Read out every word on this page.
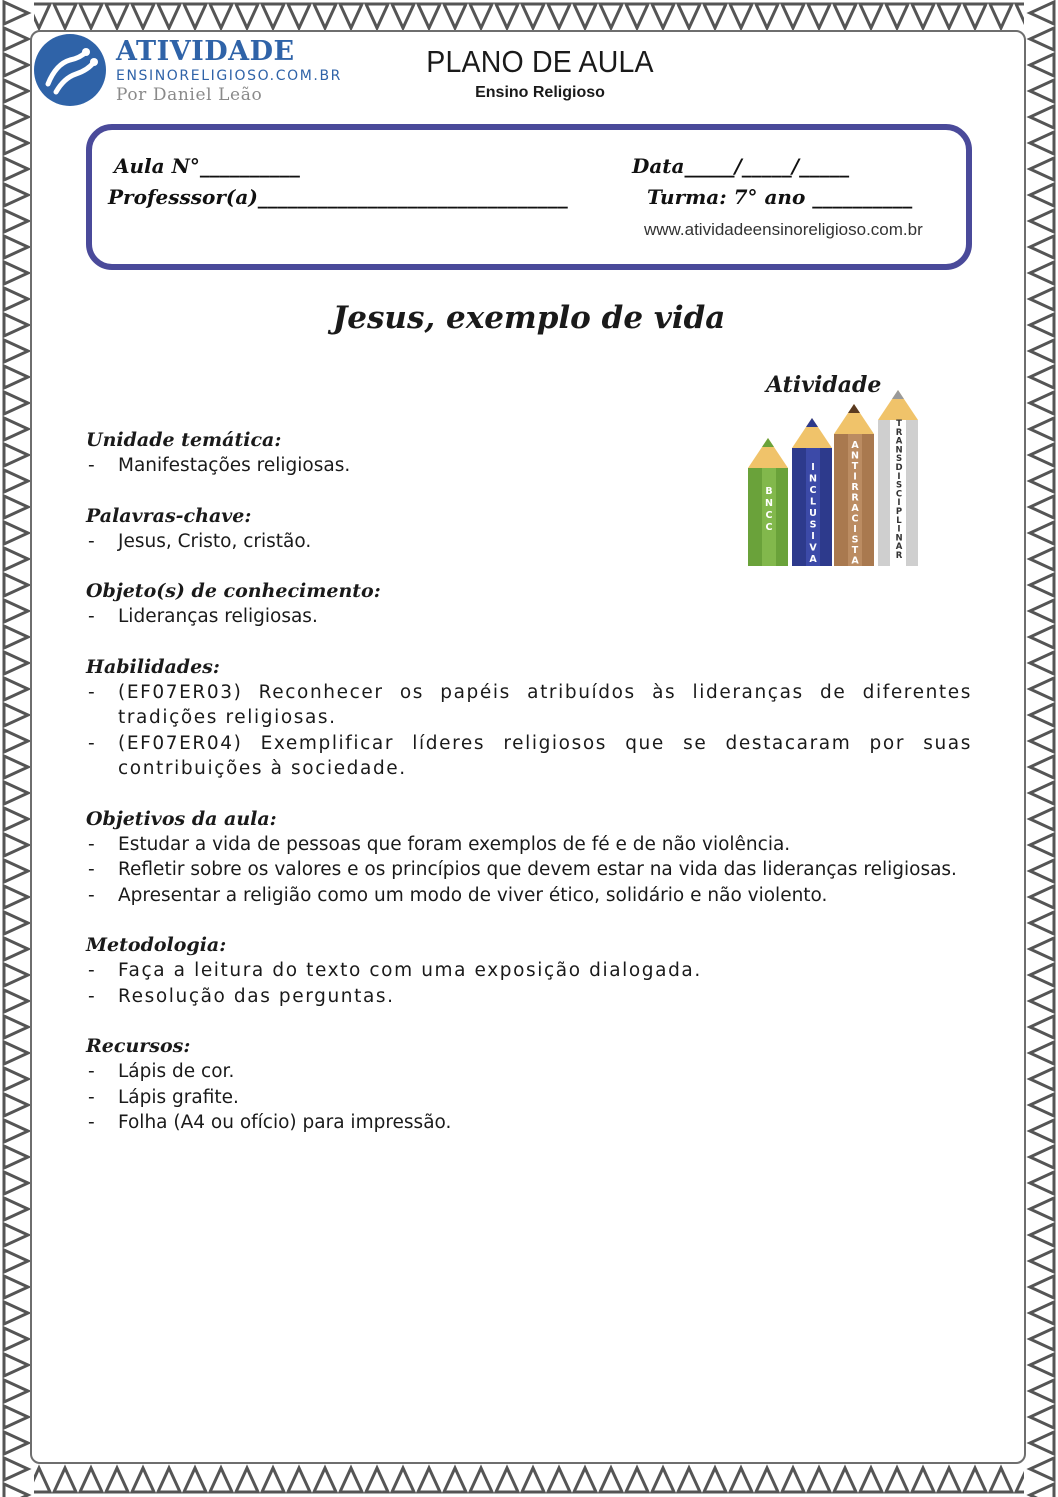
ATIVIDADE
ENSINORELIGIOSO.COM.BR
Por Daniel Leão
PLANO DE AULA
Ensino Religioso
Aula N°__________	Data_____/_____/_____
Professsor(a)_______________________________	Turma: 7° ano __________
www.atividadeensinoreligioso.com.br
Jesus, exemplo de vida
Atividade
B N C C
I N C L U S I V A
A N T I R R A C I S T A
T R A N S D I S C I P L I N A R

Unidade temática:

- Manifestações religiosas.

Palavras-chave:

- Jesus, Cristo, cristão.

Objeto(s) de conhecimento:

- Lideranças religiosas.

Habilidades:

- (EF07ER03) Reconhecer os papéis atribuídos às lideranças de diferentes tradições religiosas.
- (EF07ER04) Exemplificar líderes religiosos que se destacaram por suas contribuições à sociedade.

Objetivos da aula:

- Estudar a vida de pessoas que foram exemplos de fé e de não violência.
- Refletir sobre os valores e os princípios que devem estar na vida das lideranças religiosas.
- Apresentar a religião como um modo de viver ético, solidário e não violento.

Metodologia:

- Faça a leitura do texto com uma exposição dialogada.
- Resolução das perguntas.

Recursos:

- Lápis de cor.
- Lápis grafite.
- Folha (A4 ou ofício) para impressão.
